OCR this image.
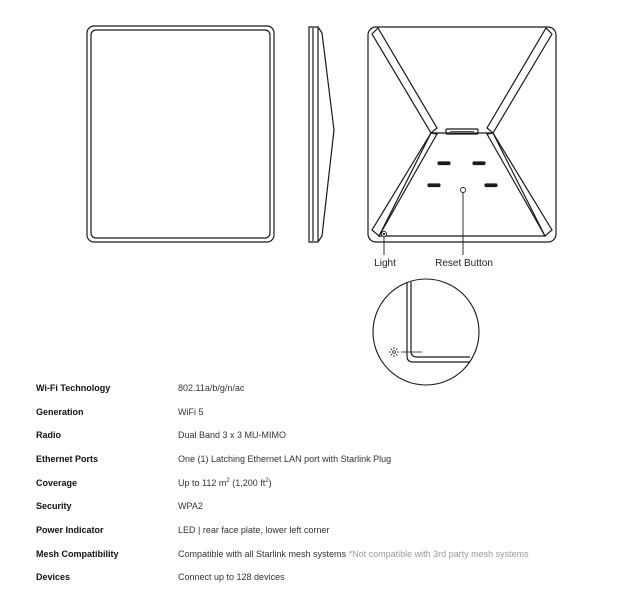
Light	Reset Button
Wi-Fi Technology	802.11a/b/g/n/ac
Generation	WiFi 5
Radio	Dual Band 3 x 3 MU-MIMO
Ethernet Ports	One (1) Latching Ethernet LAN port with Starlink Plug
Coverage	Up to 112 $m^2$ (1,200 $ft^2$)
Security	WPA2
Power Indicator	LED | rear face plate, lower left corner
Mesh Compatibility	Compatible with all Starlink mesh systems *Not compatible with 3rd party mesh systems
Devices	Connect up to 128 devices
